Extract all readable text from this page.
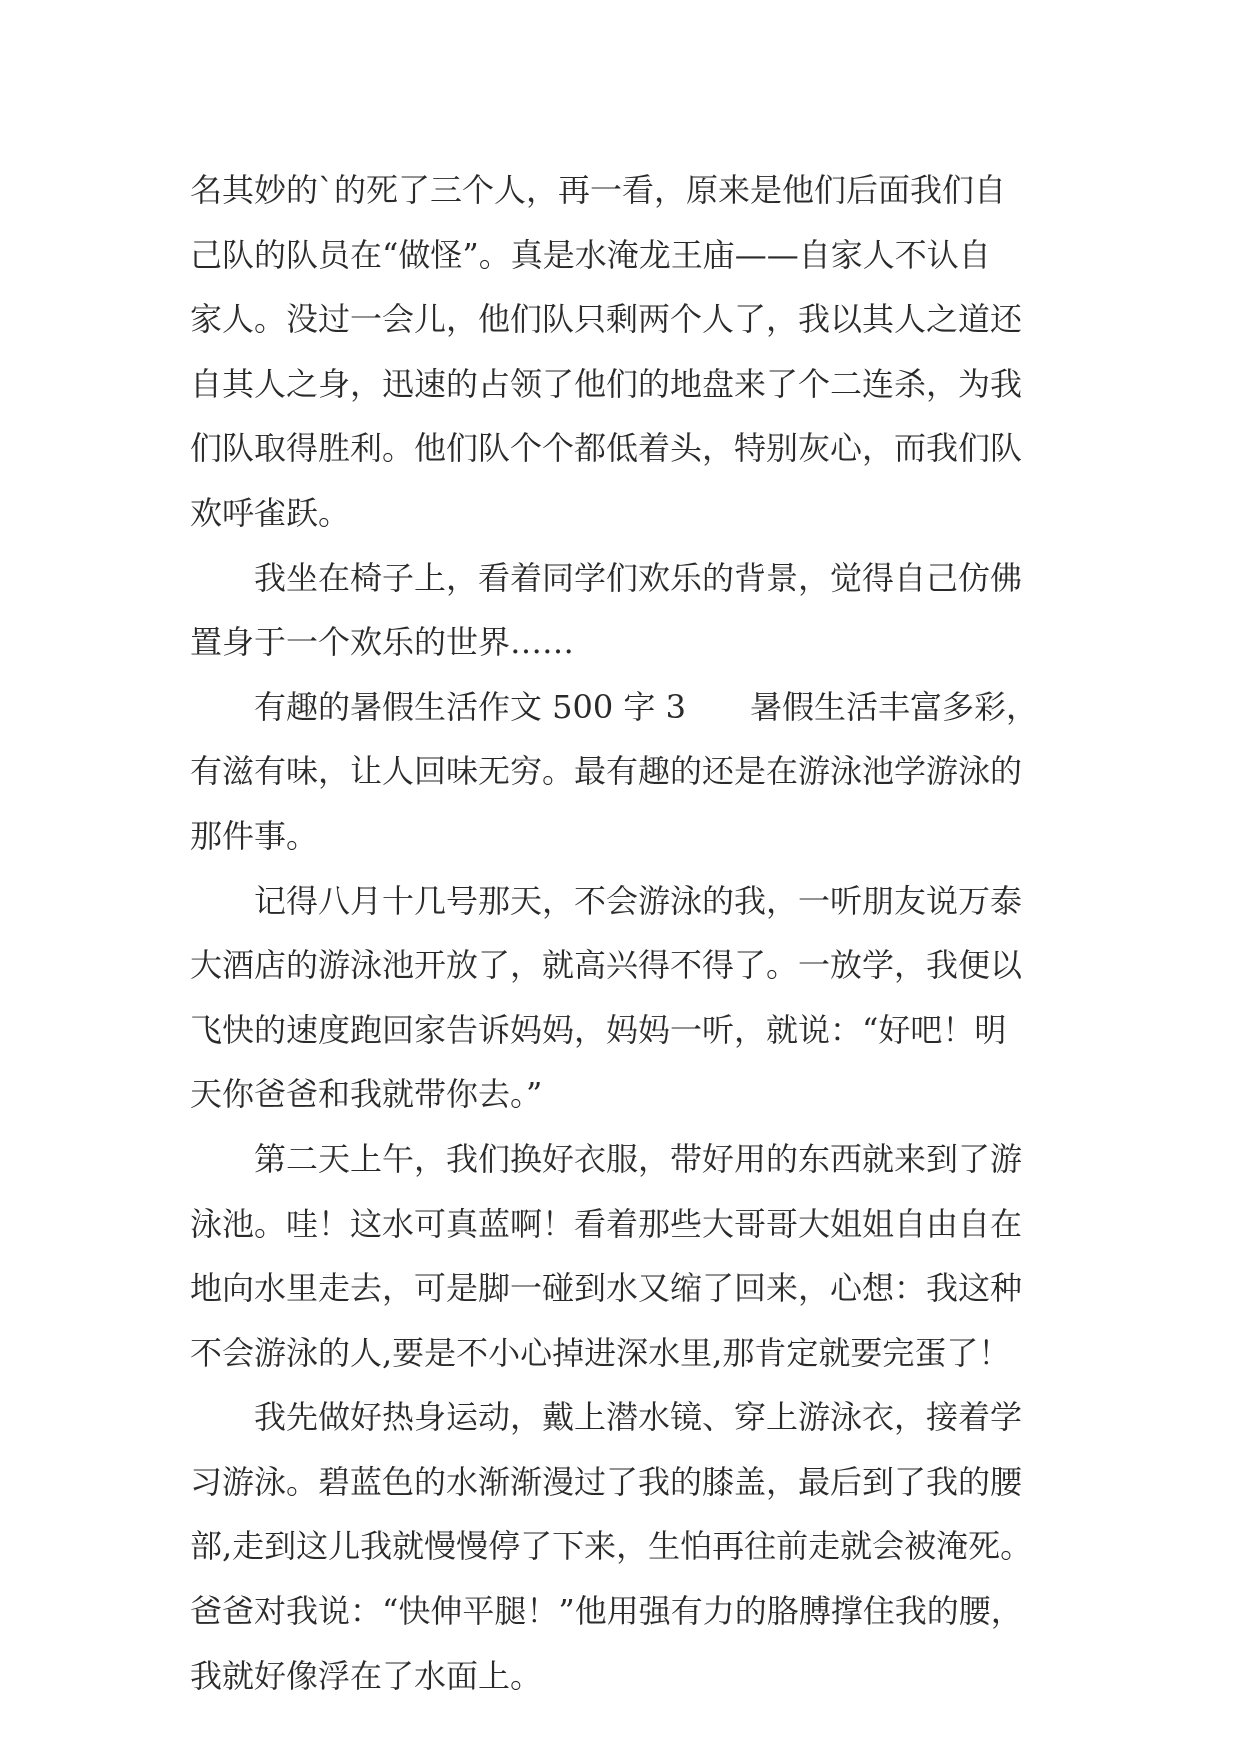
名其妙的`的死了三个人，再一看，原来是他们后面我们自
己队的队员在“做怪”。真是水淹龙王庙——自家人不认自
家人。没过一会儿，他们队只剩两个人了，我以其人之道还
自其人之身，迅速的占领了他们的地盘来了个二连杀，为我
们队取得胜利。他们队个个都低着头，特别灰心，而我们队
欢呼雀跃。
　　我坐在椅子上，看着同学们欢乐的背景，觉得自己仿佛
置身于一个欢乐的世界……
　　有趣的暑假生活作文 500 字 3　　暑假生活丰富多彩，
有滋有味，让人回味无穷。最有趣的还是在游泳池学游泳的
那件事。
　　记得八月十几号那天，不会游泳的我，一听朋友说万泰
大酒店的游泳池开放了，就高兴得不得了。一放学，我便以
飞快的速度跑回家告诉妈妈，妈妈一听，就说：“好吧！明
天你爸爸和我就带你去。”
　　第二天上午，我们换好衣服，带好用的东西就来到了游
泳池。哇！这水可真蓝啊！看着那些大哥哥大姐姐自由自在
地向水里走去，可是脚一碰到水又缩了回来，心想：我这种
不会游泳的人,要是不小心掉进深水里,那肯定就要完蛋了！
　　我先做好热身运动，戴上潜水镜、穿上游泳衣，接着学
习游泳。碧蓝色的水渐渐漫过了我的膝盖，最后到了我的腰
部,走到这儿我就慢慢停了下来，生怕再往前走就会被淹死。
爸爸对我说：“快伸平腿！”他用强有力的胳膊撑住我的腰，
我就好像浮在了水面上。
